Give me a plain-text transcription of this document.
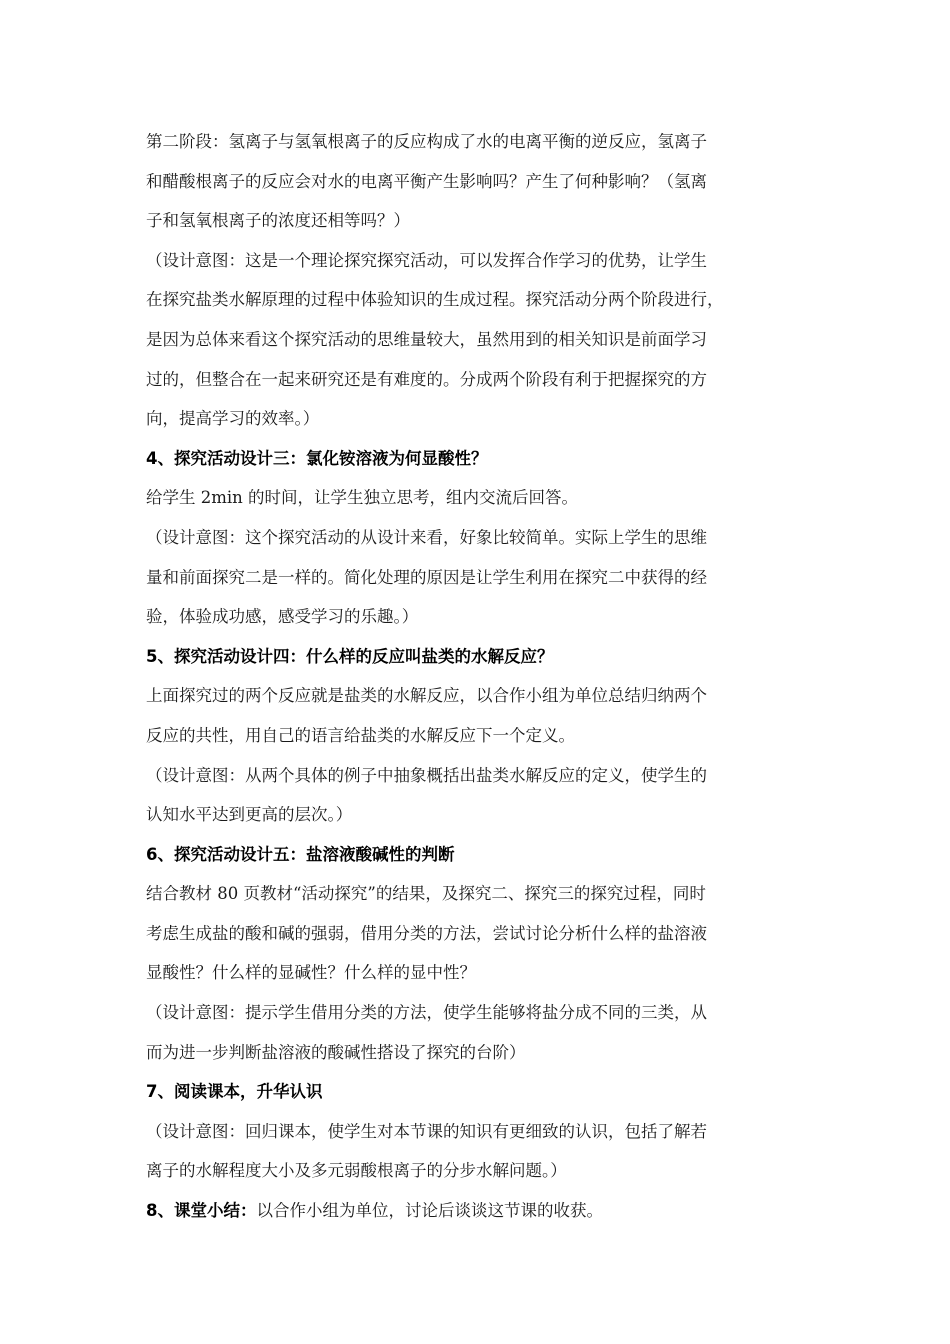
第二阶段：氢离子与氢氧根离子的反应构成了水的电离平衡的逆反应，氢离子
和醋酸根离子的反应会对水的电离平衡产生影响吗？产生了何种影响？（氢离
子和氢氧根离子的浓度还相等吗？）
（设计意图：这是一个理论探究探究活动，可以发挥合作学习的优势，让学生
在探究盐类水解原理的过程中体验知识的生成过程。探究活动分两个阶段进行，
是因为总体来看这个探究活动的思维量较大，虽然用到的相关知识是前面学习
过的，但整合在一起来研究还是有难度的。分成两个阶段有利于把握探究的方
向，提高学习的效率。）
4、探究活动设计三：氯化铵溶液为何显酸性？
给学生 2min 的时间，让学生独立思考，组内交流后回答。
（设计意图：这个探究活动的从设计来看，好象比较简单。实际上学生的思维
量和前面探究二是一样的。简化处理的原因是让学生利用在探究二中获得的经
验，体验成功感，感受学习的乐趣。）
5、探究活动设计四：什么样的反应叫盐类的水解反应？
上面探究过的两个反应就是盐类的水解反应，以合作小组为单位总结归纳两个
反应的共性，用自己的语言给盐类的水解反应下一个定义。
（设计意图：从两个具体的例子中抽象概括出盐类水解反应的定义，使学生的
认知水平达到更高的层次。）
6、探究活动设计五：盐溶液酸碱性的判断
结合教材 80 页教材“活动探究”的结果，及探究二、探究三的探究过程，同时
考虑生成盐的酸和碱的强弱，借用分类的方法，尝试讨论分析什么样的盐溶液
显酸性？什么样的显碱性？什么样的显中性？
（设计意图：提示学生借用分类的方法，使学生能够将盐分成不同的三类，从
而为进一步判断盐溶液的酸碱性搭设了探究的台阶）
7、阅读课本，升华认识
（设计意图：回归课本，使学生对本节课的知识有更细致的认识，包括了解若
离子的水解程度大小及多元弱酸根离子的分步水解问题。）
8、课堂小结：以合作小组为单位，讨论后谈谈这节课的收获。
